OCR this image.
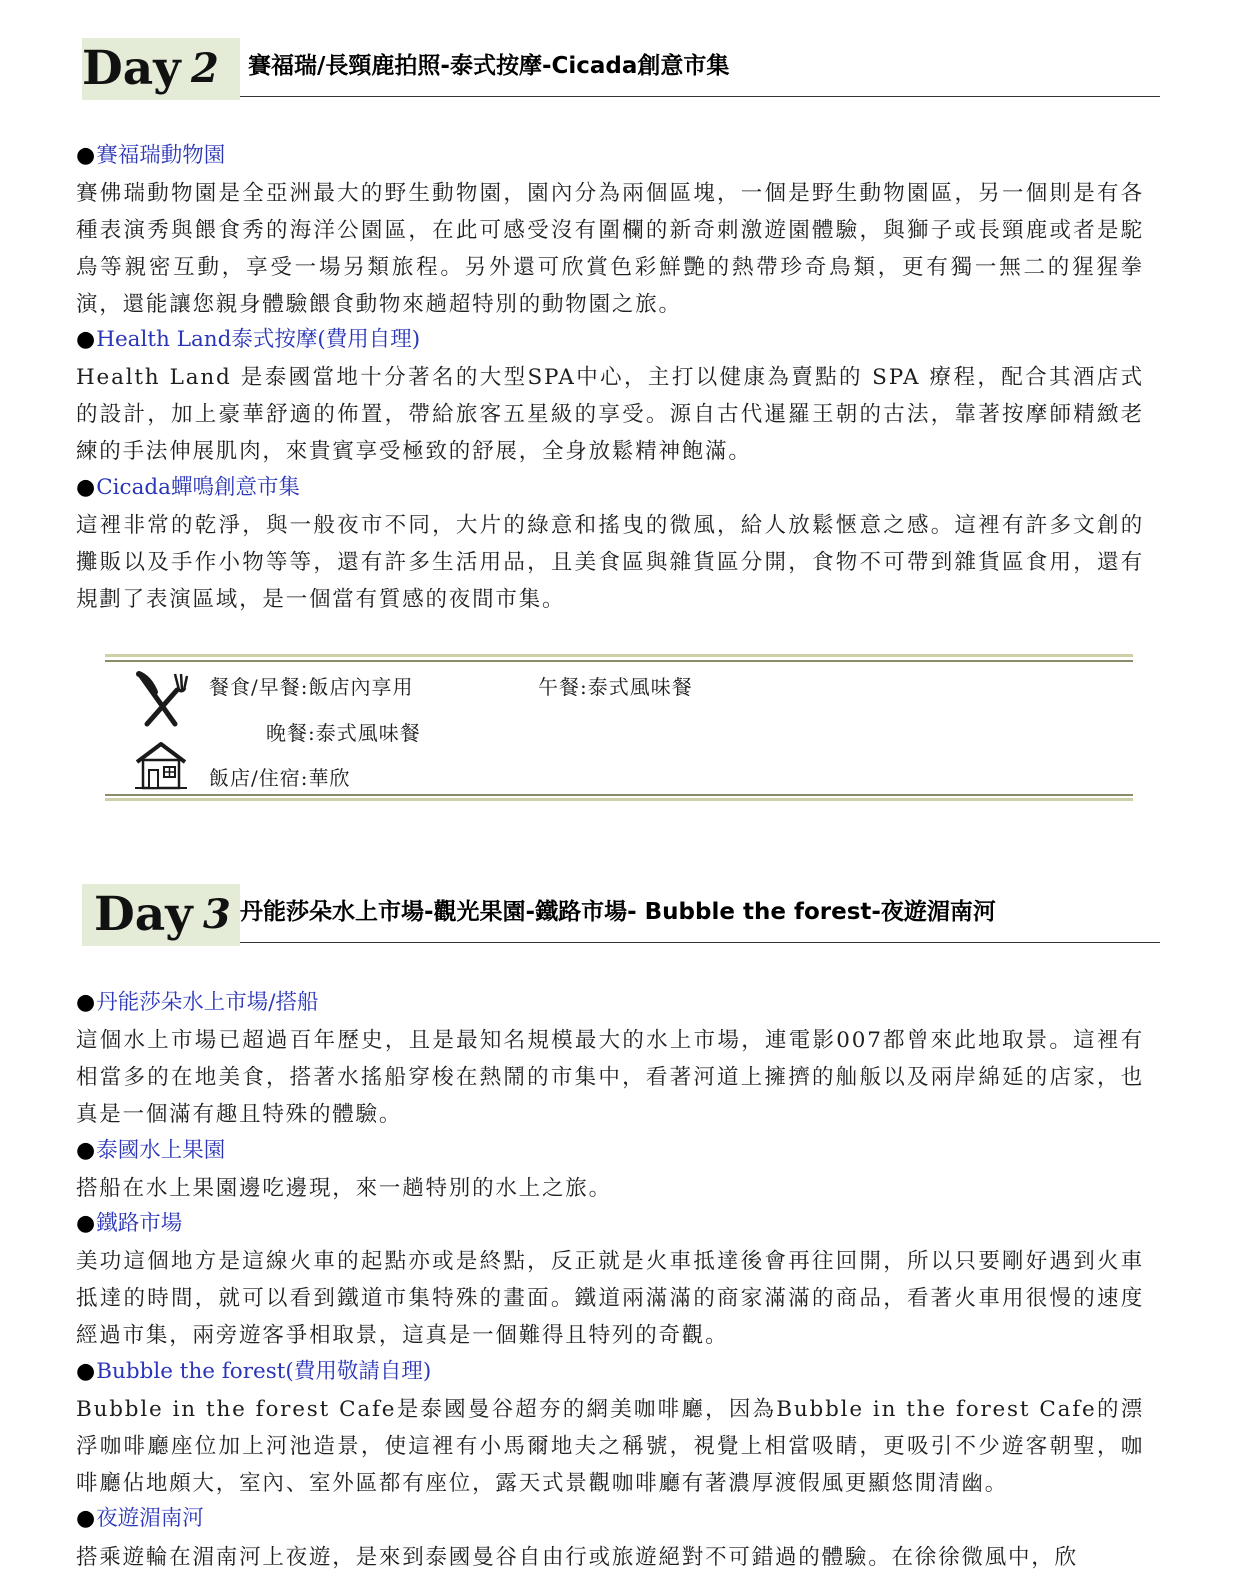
Day 2 賽福瑞/長頸鹿拍照-泰式按摩-Cicada創意市集
●賽福瑞動物園
賽佛瑞動物園是全亞洲最大的野生動物園，園內分為兩個區塊，一個是野生動物園區，另一個則是有各種表演秀與餵食秀的海洋公園區，在此可感受沒有圍欄的新奇刺激遊園體驗，與獅子或長頸鹿或者是駝鳥等親密互動，享受一場另類旅程。另外還可欣賞色彩鮮艷的熱帶珍奇鳥類，更有獨一無二的猩猩拳演，還能讓您親身體驗餵食動物來趟超特別的動物園之旅。
●Health Land泰式按摩(費用自理)
Health Land 是泰國當地十分著名的大型SPA中心，主打以健康為賣點的 SPA 療程，配合其酒店式的設計，加上豪華舒適的佈置，帶給旅客五星級的享受。源自古代暹羅王朝的古法，靠著按摩師精緻老練的手法伸展肌肉，來貴賓享受極致的舒展，全身放鬆精神飽滿。
●Cicada蟬鳴創意市集
這裡非常的乾淨，與一般夜市不同，大片的綠意和搖曳的微風，給人放鬆愜意之感。這裡有許多文創的攤販以及手作小物等等，還有許多生活用品，且美食區與雜貨區分開，食物不可帶到雜貨區食用，還有規劃了表演區域，是一個當有質感的夜間市集。
餐食/早餐:飯店內享用	午餐:泰式風味餐
晚餐:泰式風味餐
飯店/住宿:華欣
Day 3 丹能莎朵水上市場-觀光果園-鐵路市場- Bubble the forest-夜遊湄南河
●丹能莎朵水上市場/搭船
這個水上市場已超過百年歷史，且是最知名規模最大的水上市場，連電影007都曾來此地取景。這裡有相當多的在地美食，搭著水搖船穿梭在熱鬧的市集中，看著河道上擁擠的舢舨以及兩岸綿延的店家，也真是一個滿有趣且特殊的體驗。
●泰國水上果園
搭船在水上果園邊吃邊現，來一趟特別的水上之旅。
●鐵路市場
美功這個地方是這線火車的起點亦或是終點，反正就是火車抵達後會再往回開，所以只要剛好遇到火車抵達的時間，就可以看到鐵道市集特殊的畫面。鐵道兩滿滿的商家滿滿的商品，看著火車用很慢的速度經過市集，兩旁遊客爭相取景，這真是一個難得且特列的奇觀。
●Bubble the forest(費用敬請自理)
Bubble in the forest Cafe是泰國曼谷超夯的網美咖啡廳，因為Bubble in the forest Cafe的漂浮咖啡廳座位加上河池造景，使這裡有小馬爾地夫之稱號，視覺上相當吸睛，更吸引不少遊客朝聖，咖啡廳佔地頗大，室內、室外區都有座位，露天式景觀咖啡廳有著濃厚渡假風更顯悠閒清幽。
●夜遊湄南河
搭乘遊輪在湄南河上夜遊，是來到泰國曼谷自由行或旅遊絕對不可錯過的體驗。在徐徐微風中，欣
